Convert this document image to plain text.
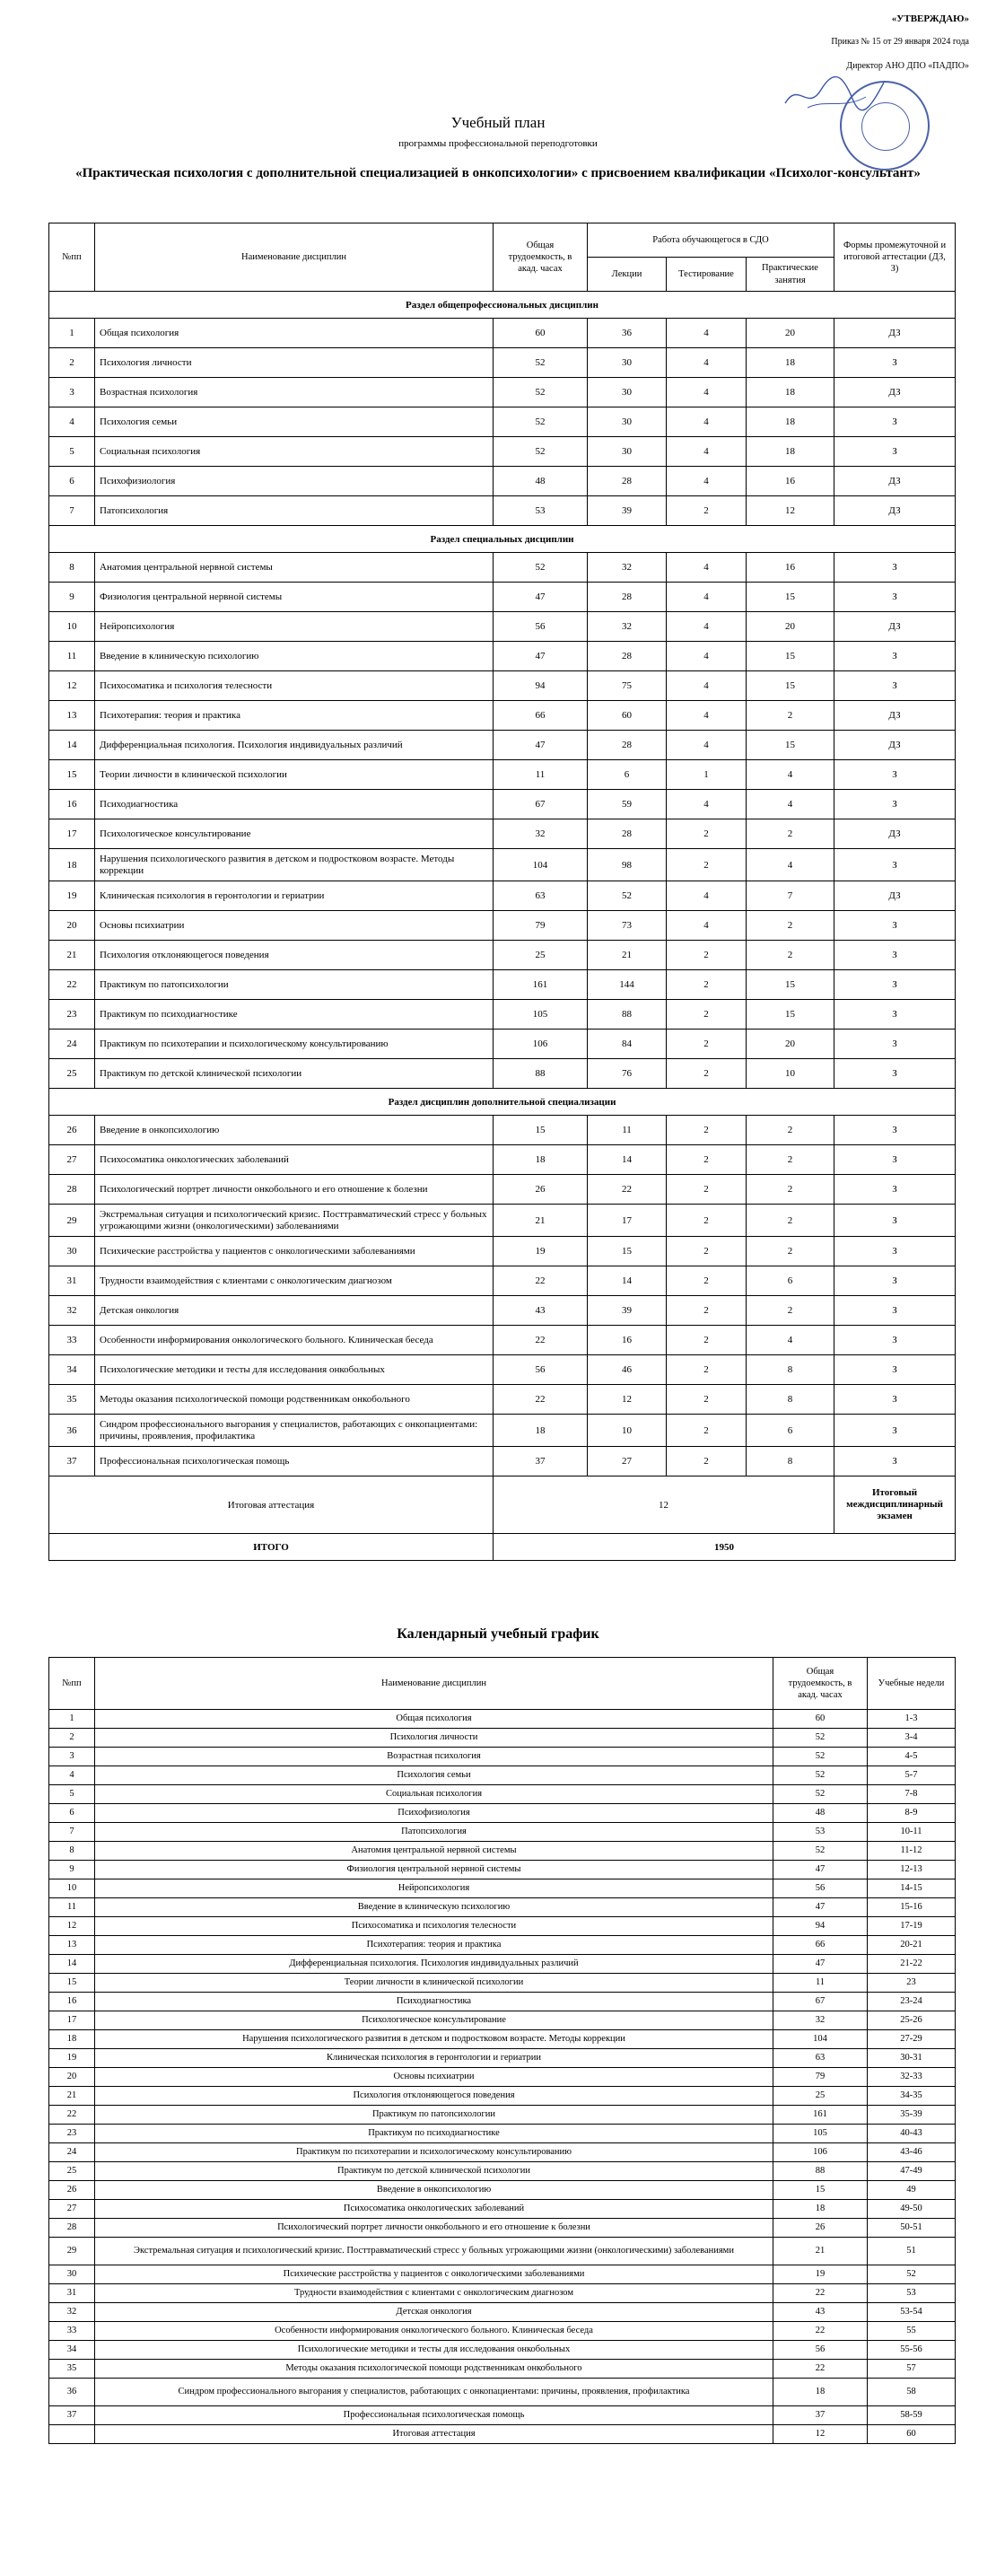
«УТВЕРЖДАЮ»
Приказ № 15 от 29 января 2024 года
Директор АНО ДПО «ПАДПО»
Учебный план
программы профессиональной переподготовки
«Практическая психология с дополнительной специализацией в онкопсихологии» с присвоением квалификации «Психолог-консультант»
№пп	Наименование дисциплин	Общая трудоемкость, в акад. часах	Работа обучающегося в СДО			Формы промежуточной и итоговой аттестации (ДЗ, З)
			Лекции	Тестирование	Практические занятия	
Раздел общепрофессиональных дисциплин						
1	Общая психология	60	36	4	20	ДЗ
2	Психология личности	52	30	4	18	З
3	Возрастная психология	52	30	4	18	ДЗ
4	Психология семьи	52	30	4	18	З
5	Социальная психология	52	30	4	18	З
6	Психофизиология	48	28	4	16	ДЗ
7	Патопсихология	53	39	2	12	ДЗ
Раздел специальных дисциплин						
8	Анатомия центральной нервной системы	52	32	4	16	З
9	Физиология центральной нервной системы	47	28	4	15	З
10	Нейропсихология	56	32	4	20	ДЗ
11	Введение в клиническую психологию	47	28	4	15	З
12	Психосоматика и психология телесности	94	75	4	15	З
13	Психотерапия: теория и практика	66	60	4	2	ДЗ
14	Дифференциальная психология. Психология индивидуальных различий	47	28	4	15	ДЗ
15	Теории личности в клинической психологии	11	6	1	4	З
16	Психодиагностика	67	59	4	4	З
17	Психологическое консультирование	32	28	2	2	ДЗ
18	Нарушения психологического развития в детском и подростковом возрасте. Методы коррекции	104	98	2	4	З
19	Клиническая психология в геронтологии и гериатрии	63	52	4	7	ДЗ
20	Основы психиатрии	79	73	4	2	З
21	Психология отклоняющегося поведения	25	21	2	2	З
22	Практикум по патопсихологии	161	144	2	15	З
23	Практикум по психодиагностике	105	88	2	15	З
24	Практикум по психотерапии и психологическому консультированию	106	84	2	20	З
25	Практикум по детской клинической психологии	88	76	2	10	З
Раздел дисциплин дополнительной специализации						
26	Введение в онкопсихологию	15	11	2	2	З
27	Психосоматика онкологических заболеваний	18	14	2	2	З
28	Психологический портрет личности онкобольного и его отношение к болезни	26	22	2	2	З
29	Экстремальная ситуация и психологический кризис. Посттравматический стресс у больных угрожающими жизни (онкологическими) заболеваниями	21	17	2	2	З
30	Психические расстройства у пациентов с онкологическими заболеваниями	19	15	2	2	З
31	Трудности взаимодействия с клиентами с онкологическим диагнозом	22	14	2	6	З
32	Детская онкология	43	39	2	2	З
33	Особенности информирования онкологического больного. Клиническая беседа	22	16	2	4	З
34	Психологические методики и тесты для исследования онкобольных	56	46	2	8	З
35	Методы оказания психологической помощи родственникам онкобольного	22	12	2	8	З
36	Синдром профессионального выгорания у специалистов, работающих с онкопациентами: причины, проявления, профилактика	18	10	2	6	З
37	Профессиональная психологическая помощь	37	27	2	8	З
Итоговая аттестация		12				Итоговый междисциплинарный экзамен
ИТОГО		1950				
Календарный учебный график
№пп	Наименование дисциплин	Общая трудоемкость, в акад. часах	Учебные недели
1	Общая психология	60	1-3
2	Психология личности	52	3-4
3	Возрастная психология	52	4-5
4	Психология семьи	52	5-7
5	Социальная психология	52	7-8
6	Психофизиология	48	8-9
7	Патопсихология	53	10-11
8	Анатомия центральной нервной системы	52	11-12
9	Физиология центральной нервной системы	47	12-13
10	Нейропсихология	56	14-15
11	Введение в клиническую психологию	47	15-16
12	Психосоматика и психология телесности	94	17-19
13	Психотерапия: теория и практика	66	20-21
14	Дифференциальная психология. Психология индивидуальных различий	47	21-22
15	Теории личности в клинической психологии	11	23
16	Психодиагностика	67	23-24
17	Психологическое консультирование	32	25-26
18	Нарушения психологического развития в детском и подростковом возрасте. Методы коррекции	104	27-29
19	Клиническая психология в геронтологии и гериатрии	63	30-31
20	Основы психиатрии	79	32-33
21	Психология отклоняющегося поведения	25	34-35
22	Практикум по патопсихологии	161	35-39
23	Практикум по психодиагностике	105	40-43
24	Практикум по психотерапии и психологическому консультированию	106	43-46
25	Практикум по детской клинической психологии	88	47-49
26	Введение в онкопсихологию	15	49
27	Психосоматика онкологических заболеваний	18	49-50
28	Психологический портрет личности онкобольного и его отношение к болезни	26	50-51
29	Экстремальная ситуация и психологический кризис. Посттравматический стресс у больных угрожающими жизни (онкологическими) заболеваниями	21	51
30	Психические расстройства у пациентов с онкологическими заболеваниями	19	52
31	Трудности взаимодействия с клиентами с онкологическим диагнозом	22	53
32	Детская онкология	43	53-54
33	Особенности информирования онкологического больного. Клиническая беседа	22	55
34	Психологические методики и тесты для исследования онкобольных	56	55-56
35	Методы оказания психологической помощи родственникам онкобольного	22	57
36	Синдром профессионального выгорания у специалистов, работающих с онкопациентами: причины, проявления, профилактика	18	58
37	Профессиональная психологическая помощь	37	58-59
	Итоговая аттестация	12	60
